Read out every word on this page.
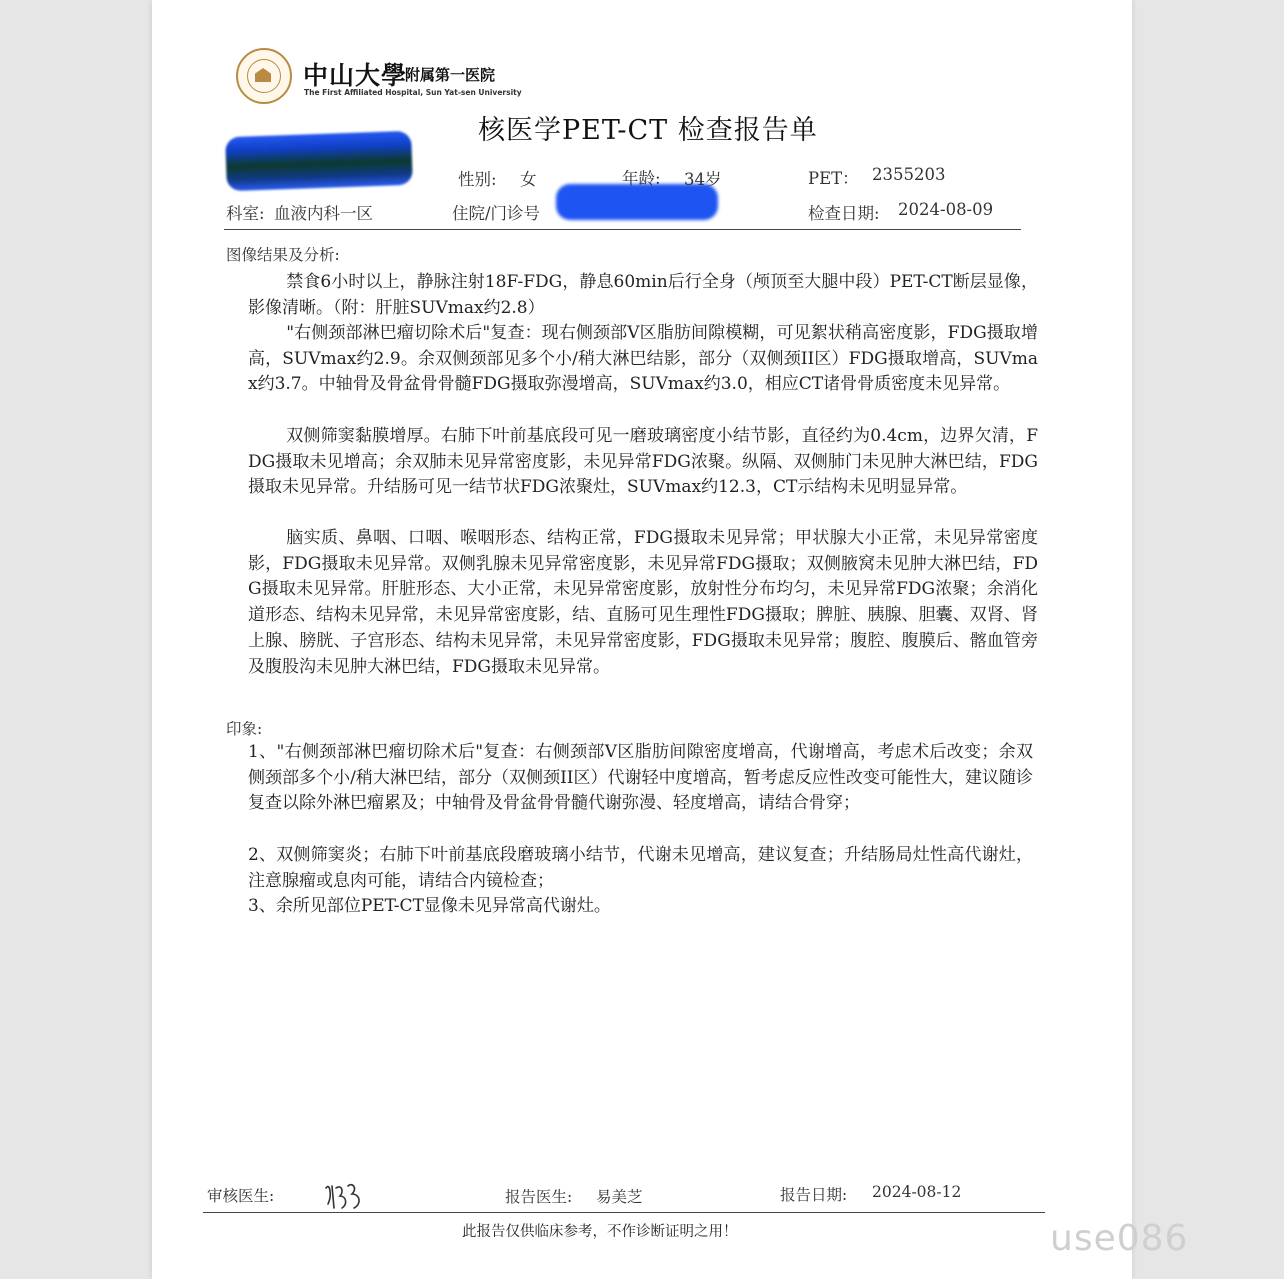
中山大學
附属第一医院
The First Affiliated Hospital, Sun Yat-sen University
核医学PET-CT 检查报告单
性别: 女	年龄: 34岁	PET： 2355203
科室: 血液内科一区	住院/门诊号	检查日期: 2024-08-09
图像结果及分析:
禁食6小时以上，静脉注射18F-FDG，静息60min后行全身（颅顶至大腿中段）PET-CT断层显像，影像清晰。（附：肝脏SUVmax约2.8）
"右侧颈部淋巴瘤切除术后"复查：现右侧颈部V区脂肪间隙模糊，可见絮状稍高密度影，FDG摄取增高，SUVmax约2.9。余双侧颈部见多个小/稍大淋巴结影，部分（双侧颈II区）FDG摄取增高，SUVmax约3.7。中轴骨及骨盆骨骨髓FDG摄取弥漫增高，SUVmax约3.0，相应CT诸骨骨质密度未见异常。
双侧筛窦黏膜增厚。右肺下叶前基底段可见一磨玻璃密度小结节影，直径约为0.4cm，边界欠清，FDG摄取未见增高；余双肺未见异常密度影，未见异常FDG浓聚。纵隔、双侧肺门未见肿大淋巴结，FDG摄取未见异常。升结肠可见一结节状FDG浓聚灶，SUVmax约12.3，CT示结构未见明显异常。
脑实质、鼻咽、口咽、喉咽形态、结构正常，FDG摄取未见异常；甲状腺大小正常，未见异常密度影，FDG摄取未见异常。双侧乳腺未见异常密度影，未见异常FDG摄取；双侧腋窝未见肿大淋巴结，FDG摄取未见异常。肝脏形态、大小正常，未见异常密度影，放射性分布均匀，未见异常FDG浓聚；余消化道形态、结构未见异常，未见异常密度影，结、直肠可见生理性FDG摄取；脾脏、胰腺、胆囊、双肾、肾上腺、膀胱、子宫形态、结构未见异常，未见异常密度影，FDG摄取未见异常；腹腔、腹膜后、髂血管旁及腹股沟未见肿大淋巴结，FDG摄取未见异常。
印象:
1、"右侧颈部淋巴瘤切除术后"复查：右侧颈部V区脂肪间隙密度增高，代谢增高，考虑术后改变；余双侧颈部多个小/稍大淋巴结，部分（双侧颈II区）代谢轻中度增高，暂考虑反应性改变可能性大，建议随诊复查以除外淋巴瘤累及；中轴骨及骨盆骨骨髓代谢弥漫、轻度增高，请结合骨穿；
2、双侧筛窦炎；右肺下叶前基底段磨玻璃小结节，代谢未见增高，建议复查；升结肠局灶性高代谢灶，注意腺瘤或息肉可能，请结合内镜检查；
3、余所见部位PET-CT显像未见异常高代谢灶。
审核医生:	报告医生: 易美芝	报告日期: 2024-08-12
此报告仅供临床参考，不作诊断证明之用！	use086
